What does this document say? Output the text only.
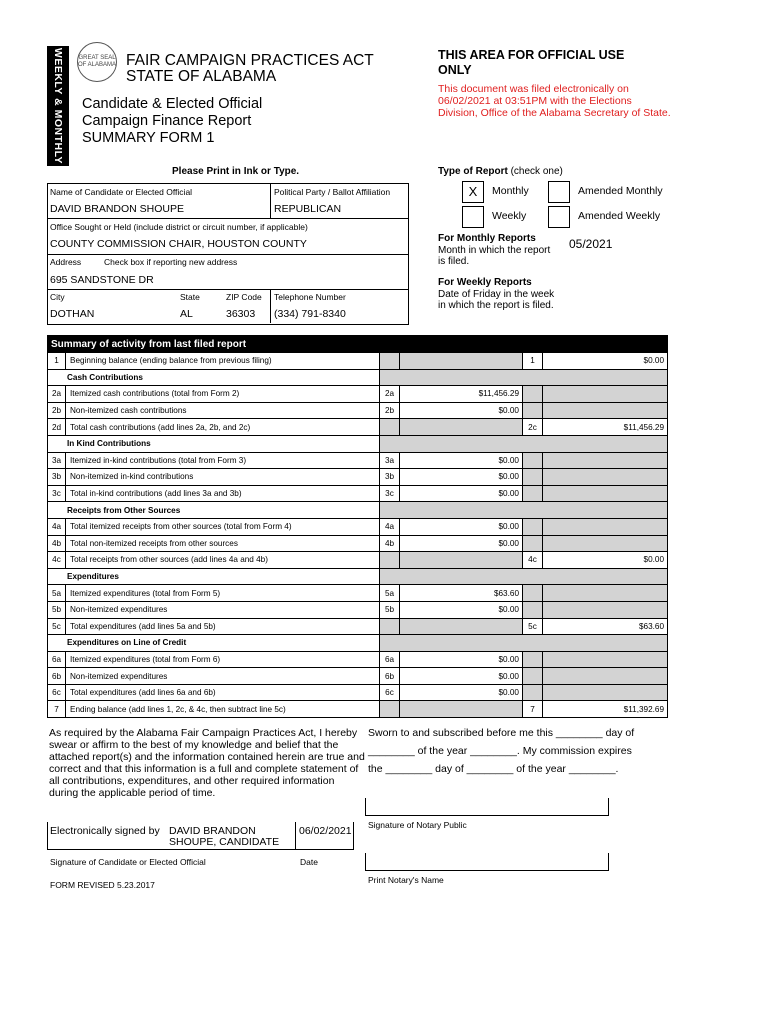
WEEKLY & MONTHLY GREAT SEAL OF ALABAMA FAIR CAMPAIGN PRACTICES ACT
STATE OF ALABAMA
Candidate & Elected Official
Campaign Finance Report
SUMMARY FORM 1
Please Print in Ink or Type.
THIS AREA FOR OFFICIAL USE
ONLY
This document was filed electronically on
06/02/2021 at 03:51PM with the Elections
Division, Office of the Alabama Secretary of State.
Name of Candidate or Elected Official
DAVID BRANDON SHOUPE
Political Party / Ballot Affiliation
REPUBLICAN
Office Sought or Held (include district or circuit number, if applicable)
COUNTY COMMISSION CHAIR, HOUSTON COUNTY
Address	Check box if reporting new address
695 SANDSTONE DR
City
DOTHAN
State
AL
ZIP Code
36303
Telephone Number
(334) 791-8340
Type of Report (check one)
X	Monthly	Amended Monthly
Weekly	Amended Weekly
For Monthly Reports
Month in which the report
is filed.
05/2021
For Weekly Reports
Date of Friday in the week
in which the report is filed.
Summary of activity from last filed report					
1	Beginning balance (ending balance from previous filing)			1	$0.00
Cash Contributions					
2a	Itemized cash contributions (total from Form 2)	2a	$11,456.29		
2b	Non-itemized cash contributions	2b	$0.00		
2d	Total cash contributions (add lines 2a, 2b, and 2c)			2c	$11,456.29
In Kind Contributions					
3a	Itemized in-kind contributions (total from Form 3)	3a	$0.00		
3b	Non-itemized in-kind contributions	3b	$0.00		
3c	Total in-kind contributions (add lines 3a and 3b)	3c	$0.00		
Receipts from Other Sources					
4a	Total itemized receipts from other sources (total from Form 4)	4a	$0.00		
4b	Total non-itemized receipts from other sources	4b	$0.00		
4c	Total receipts from other sources (add lines 4a and 4b)			4c	$0.00
Expenditures					
5a	Itemized expenditures (total from Form 5)	5a	$63.60		
5b	Non-itemized expenditures	5b	$0.00		
5c	Total expenditures (add lines 5a and 5b)			5c	$63.60
Expenditures on Line of Credit					
6a	Itemized expenditures (total from Form 6)	6a	$0.00		
6b	Non-itemized expenditures	6b	$0.00		
6c	Total expenditures (add lines 6a and 6b)	6c	$0.00		
7	Ending balance (add lines 1, 2c, & 4c, then subtract line 5c)			7	$11,392.69
As required by the Alabama Fair Campaign Practices Act, I hereby
swear or affirm to the best of my knowledge and belief that the
attached report(s) and the information contained herein are true and
correct and that this information is a full and complete statement of
all contributions, expenditures, and other required information
during the applicable period of time.
Sworn to and subscribed before me this ________ day of
________ of the year ________. My commission expires
the ________ day of ________ of the year ________.
Signature of Notary Public
Print Notary's Name
Electronically signed by DAVID BRANDON
SHOUPE, CANDIDATE
06/02/2021
Signature of Candidate or Elected Official	Date
FORM REVISED 5.23.2017
